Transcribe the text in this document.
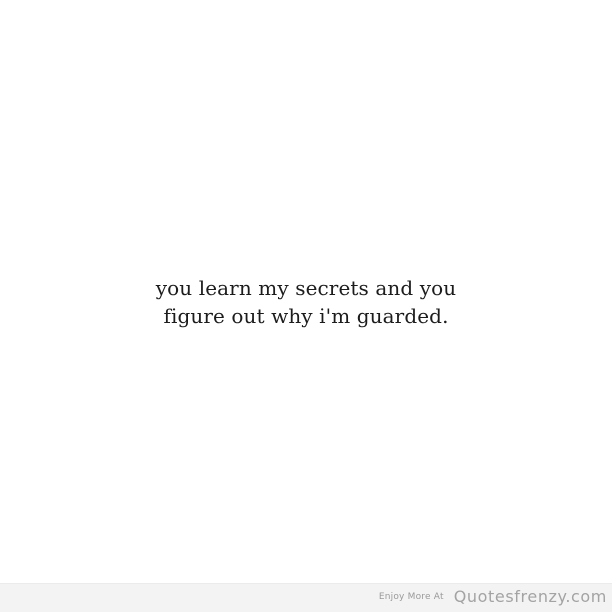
you learn my secrets and you
figure out why i'm guarded.
Enjoy More At Quotesfrenzy.com
